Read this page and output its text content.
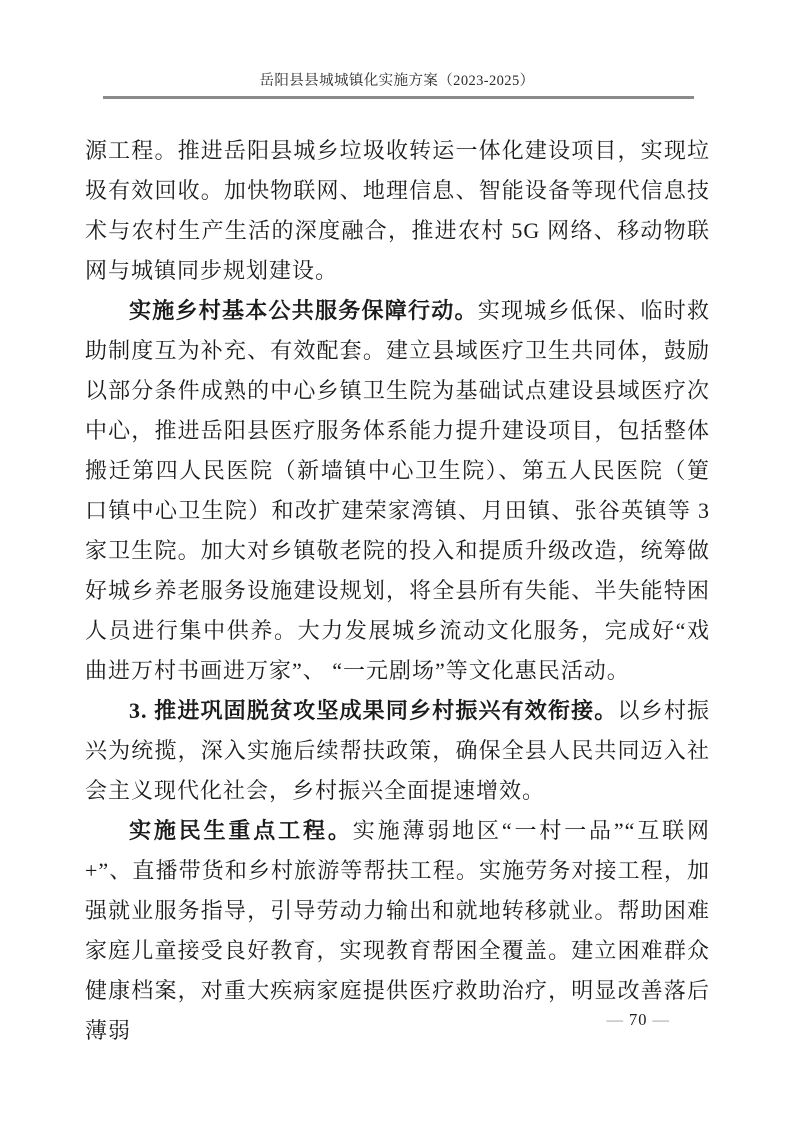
岳阳县县城城镇化实施方案（2023-2025）

源工程。推进岳阳县城乡垃圾收转运一体化建设项目，实现垃圾有效回收。加快物联网、地理信息、智能设备等现代信息技术与农村生产生活的深度融合，推进农村 5G 网络、移动物联网与城镇同步规划建设。

实施乡村基本公共服务保障行动。实现城乡低保、临时救助制度互为补充、有效配套。建立县域医疗卫生共同体，鼓励以部分条件成熟的中心乡镇卫生院为基础试点建设县域医疗次中心，推进岳阳县医疗服务体系能力提升建设项目，包括整体搬迁第四人民医院（新墙镇中心卫生院）、第五人民医院（筻口镇中心卫生院）和改扩建荣家湾镇、月田镇、张谷英镇等 3 家卫生院。加大对乡镇敬老院的投入和提质升级改造，统筹做好城乡养老服务设施建设规划，将全县所有失能、半失能特困人员进行集中供养。大力发展城乡流动文化服务，完成好“戏曲进万村书画进万家”、 “一元剧场”等文化惠民活动。

3. 推进巩固脱贫攻坚成果同乡村振兴有效衔接。以乡村振兴为统揽，深入实施后续帮扶政策，确保全县人民共同迈入社会主义现代化社会，乡村振兴全面提速增效。

实施民生重点工程。实施薄弱地区“一村一品”“互联网+”、直播带货和乡村旅游等帮扶工程。实施劳务对接工程，加强就业服务指导，引导劳动力输出和就地转移就业。帮助困难家庭儿童接受良好教育，实现教育帮困全覆盖。建立困难群众健康档案，对重大疾病家庭提供医疗救助治疗，明显改善落后薄弱	— 70 —
